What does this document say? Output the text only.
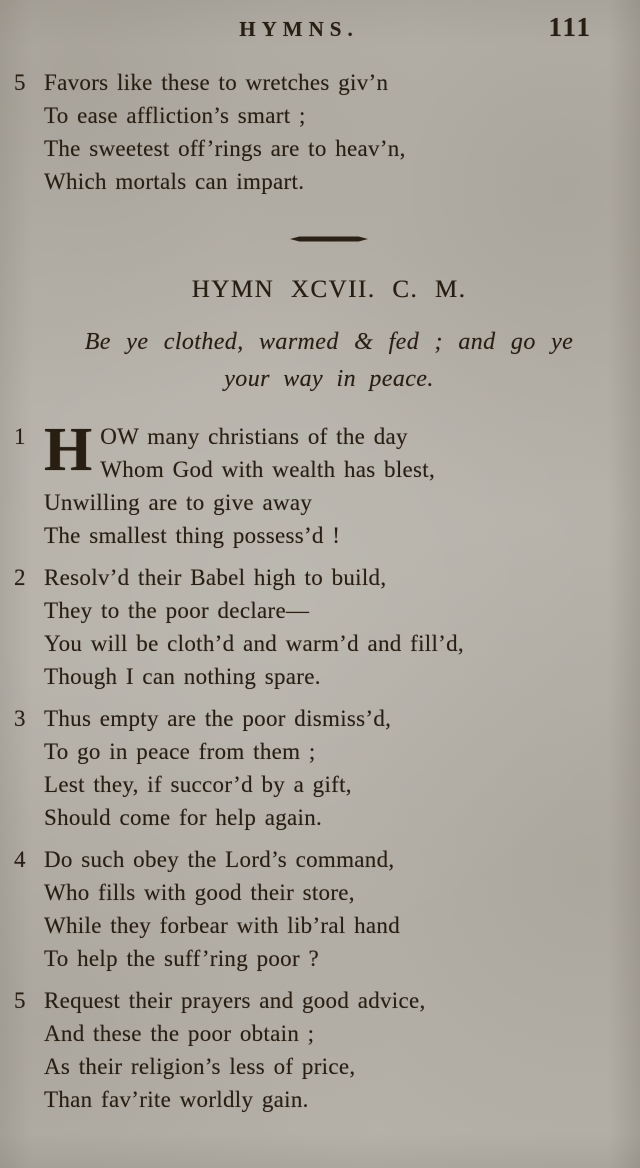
HYMNS.	111
5 Favors like these to wretches giv’n
To ease affliction’s smart ;
The sweetest off’rings are to heav’n,
Which mortals can impart.
HYMN XCVII. C. M.
Be ye clothed, warmed & fed ; and go ye
your way in peace.
1 H OW many christians of the day
Whom God with wealth has blest,
Unwilling are to give away
The smallest thing possess’d !
2 Resolv’d their Babel high to build,
They to the poor declare—
You will be cloth’d and warm’d and fill’d,
Though I can nothing spare.
3 Thus empty are the poor dismiss’d,
To go in peace from them ;
Lest they, if succor’d by a gift,
Should come for help again.
4 Do such obey the Lord’s command,
Who fills with good their store,
While they forbear with lib’ral hand
To help the suff’ring poor ?
5 Request their prayers and good advice,
And these the poor obtain ;
As their religion’s less of price,
Than fav’rite worldly gain.
